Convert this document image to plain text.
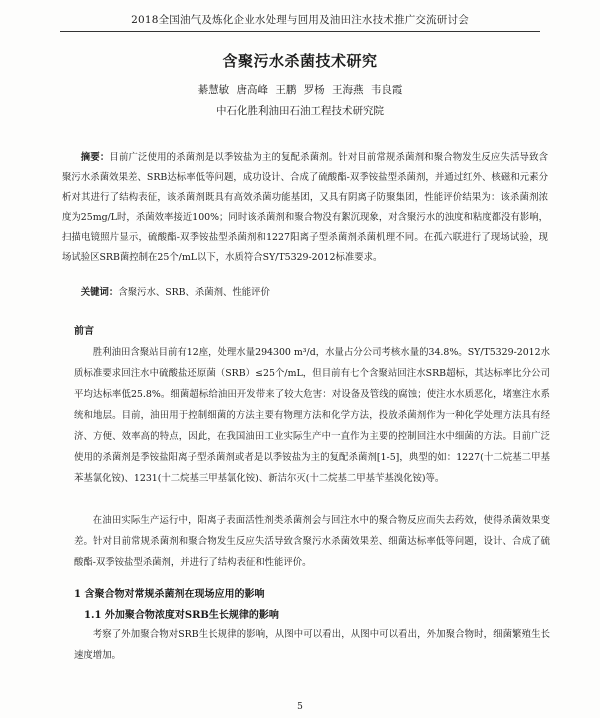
2018全国油气及炼化企业水处理与回用及油田注水技术推广交流研讨会
含聚污水杀菌技术研究
綦慧敏 唐高峰 王鹏 罗杨 王海燕 韦良霞
中石化胜利油田石油工程技术研究院
摘要：目前广泛使用的杀菌剂是以季铵盐为主的复配杀菌剂。针对目前常规杀菌剂和聚合物发生反应失活导致含聚污水杀菌效果差、SRB达标率低等问题，成功设计、合成了硫酸酯-双季铵盐型杀菌剂，并通过红外、核磁和元素分析对其进行了结构表征，该杀菌剂既具有高效杀菌功能基团，又具有阴离子防聚集团，性能评价结果为：该杀菌剂浓度为25mg/L时，杀菌效率接近100%；同时该杀菌剂和聚合物没有絮沉现象，对含聚污水的浊度和粘度都没有影响，扫描电镜照片显示，硫酸酯-双季铵盐型杀菌剂和1227阳离子型杀菌剂杀菌机理不同。在孤六联进行了现场试验，现场试验区SRB菌控制在25个/mL以下，水质符合SY/T5329-2012标准要求。
关键词：含聚污水、SRB、杀菌剂、性能评价
前言
胜利油田含聚站目前有12座，处理水量294300 m³/d，水量占分公司考核水量的34.8%。SY/T5329-2012水质标准要求回注水中硫酸盐还原菌（SRB）≤25个/mL，但目前有七个含聚站回注水SRB超标，其达标率比分公司平均达标率低25.8%。细菌超标给油田开发带来了较大危害：对设备及管线的腐蚀；使注水水质恶化，堵塞注水系统和地层。目前，油田用于控制细菌的方法主要有物理方法和化学方法，投放杀菌剂作为一种化学处理方法具有经济、方便、效率高的特点，因此，在我国油田工业实际生产中一直作为主要的控制回注水中细菌的方法。目前广泛使用的杀菌剂是季铵盐阳离子型杀菌剂或者是以季铵盐为主的复配杀菌剂[1-5]，典型的如：1227(十二烷基二甲基苯基氯化铵)、1231(十二烷基三甲基氯化铵)、新洁尔灭(十二烷基二甲基苄基溴化铵)等。
在油田实际生产运行中，阳离子表面活性剂类杀菌剂会与回注水中的聚合物反应而失去药效，使得杀菌效果变差。针对目前常规杀菌剂和聚合物发生反应失活导致含聚污水杀菌效果差、细菌达标率低等问题，设计、合成了硫酸酯-双季铵盐型杀菌剂，并进行了结构表征和性能评价。
1 含聚合物对常规杀菌剂在现场应用的影响
1.1 外加聚合物浓度对SRB生长规律的影响
考察了外加聚合物对SRB生长规律的影响，从图中可以看出，从图中可以看出，外加聚合物时，细菌繁殖生长速度增加。
5
